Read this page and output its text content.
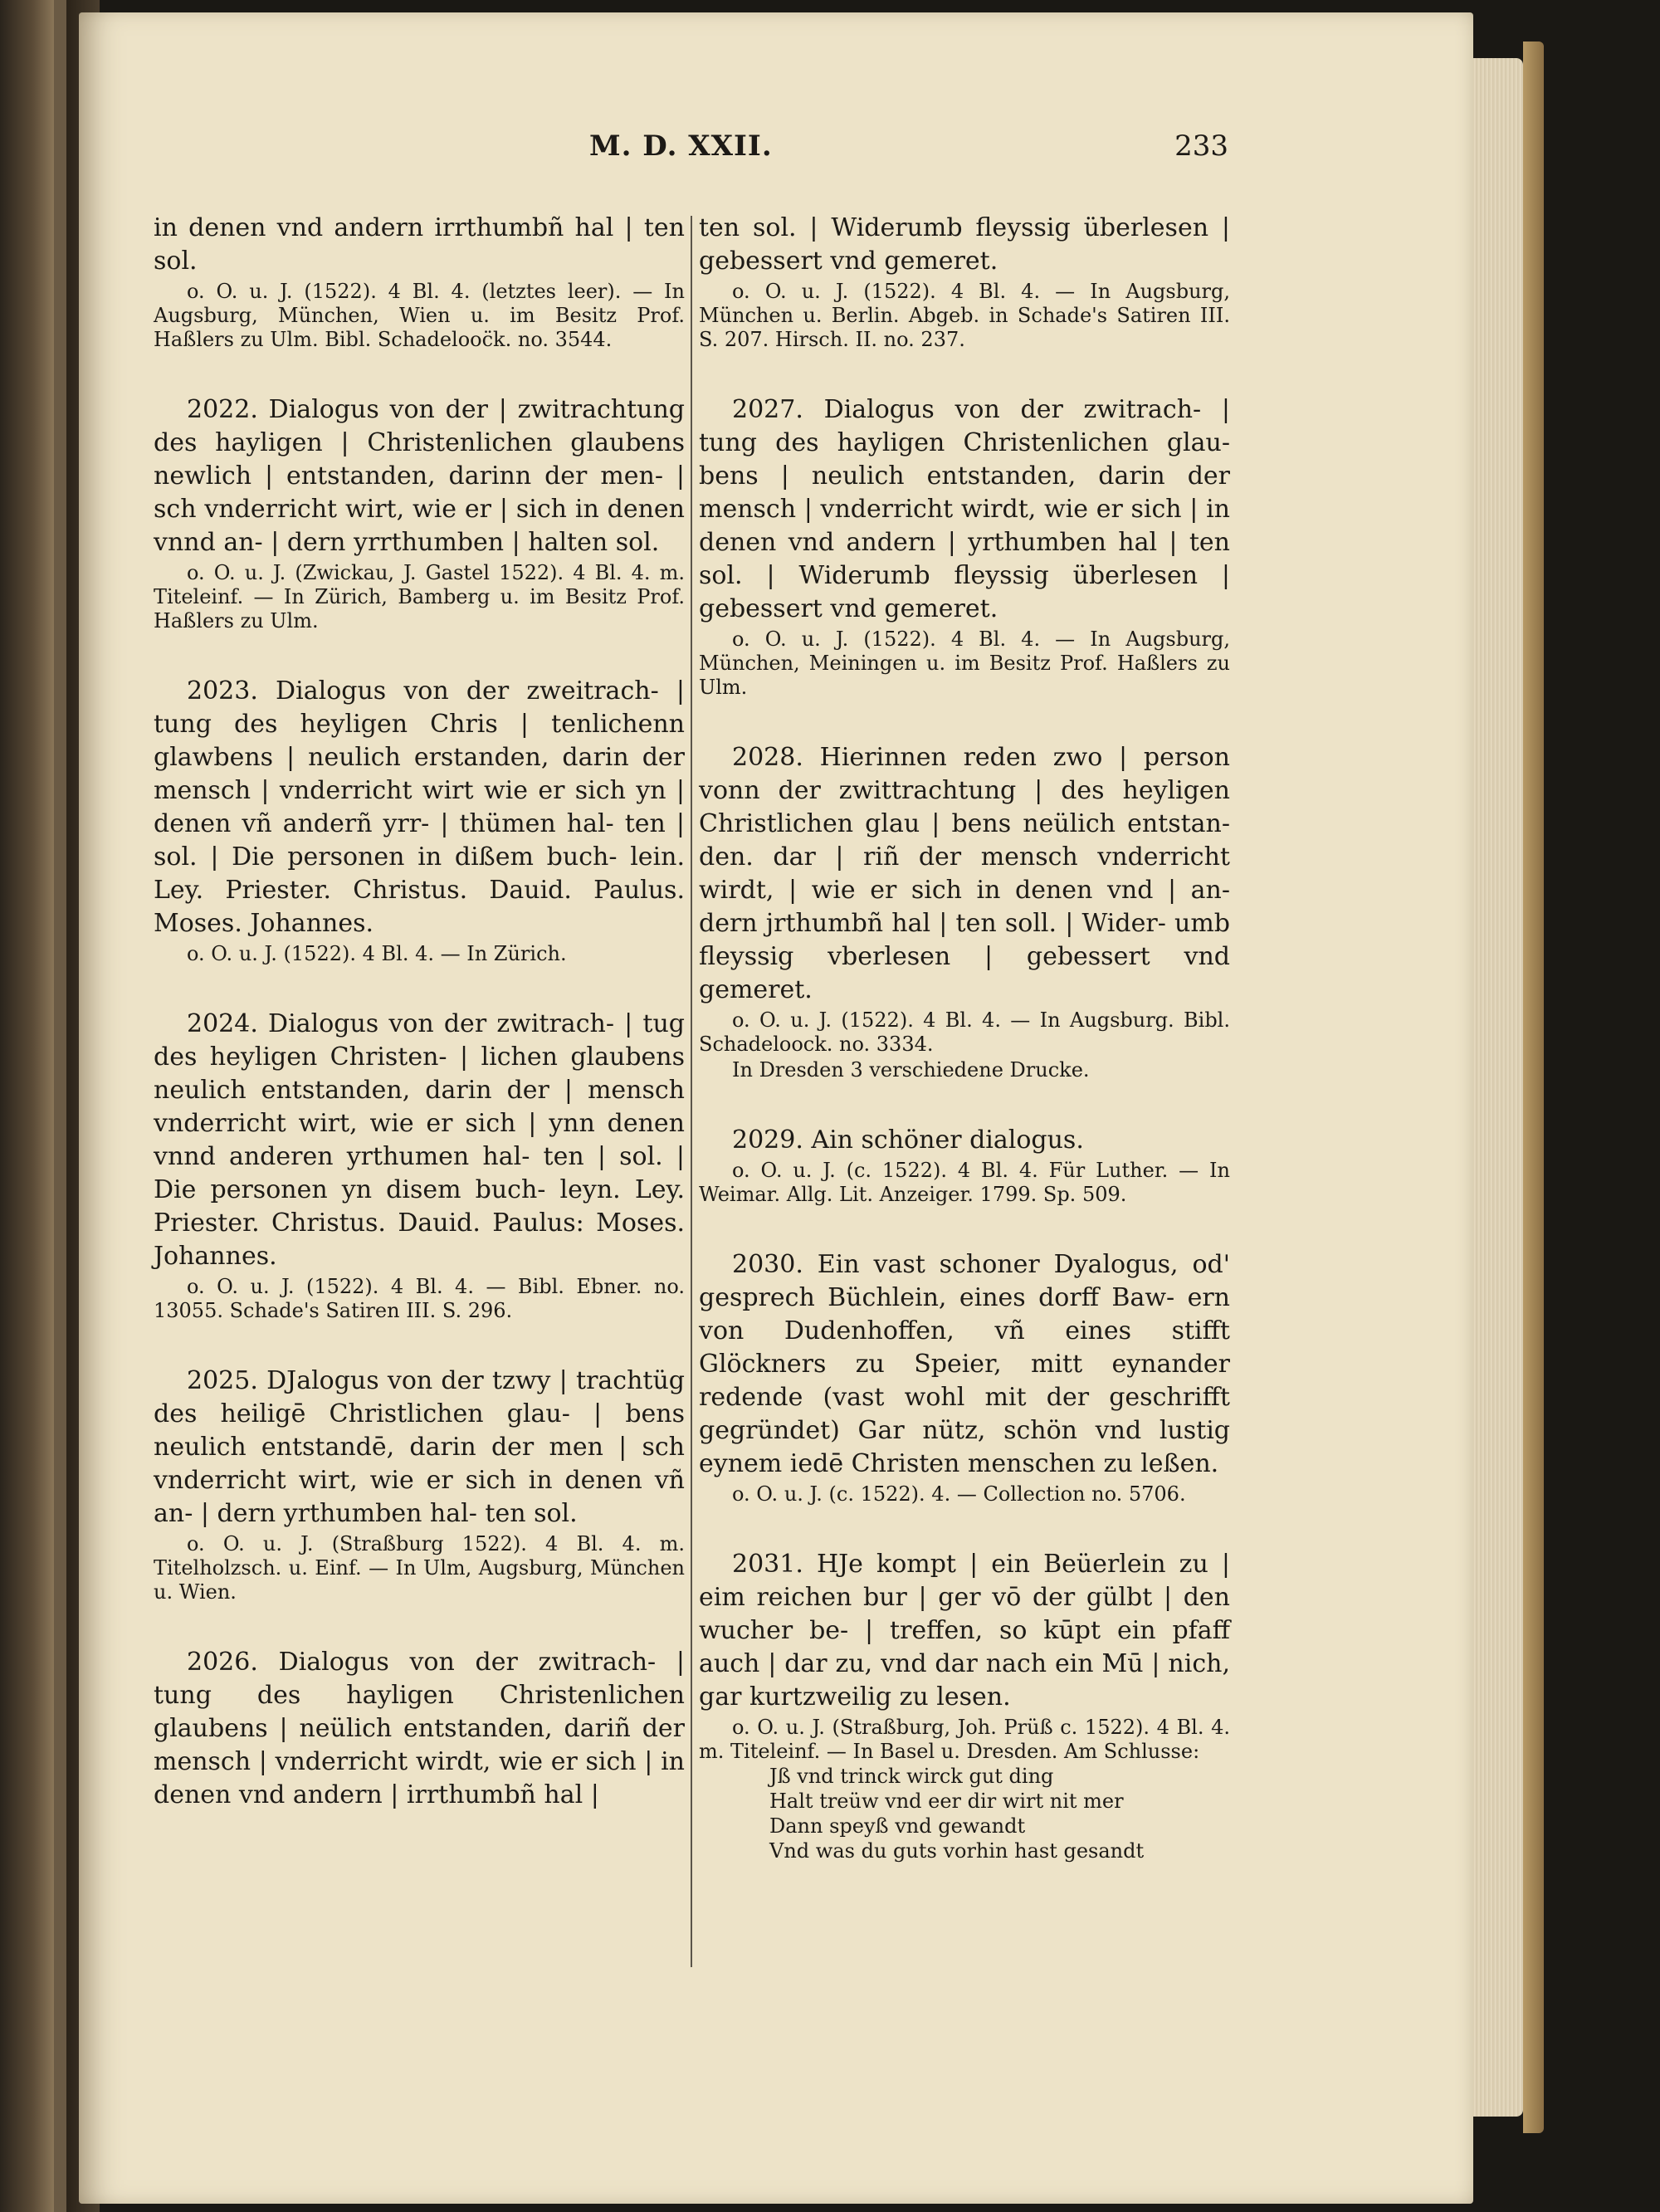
M. D. XXII.	233
in denen vnd andern irrthumbñ hal | ten sol.
o. O. u. J. (1522). 4 Bl. 4. (letztes leer). — In Augsburg, München, Wien u. im Besitz Prof. Haßlers zu Ulm. Bibl. Schadelooc̈k. no. 3544.
2022. Dialogus von der | zwitrachtung des hayligen | Christenlichen glaubens newlich | entstanden, darinn der men- | sch vnderricht wirt, wie er | sich in denen vnnd an- | dern yrrthumben | halten sol.
o. O. u. J. (Zwickau, J. Gastel 1522). 4 Bl. 4. m. Titeleinf. — In Zürich, Bamberg u. im Besitz Prof. Haßlers zu Ulm.
2023. Dialogus von der zweitrach- | tung des heyligen Chris | tenlichenn glawbens | neulich erstanden, darin der mensch | vnderricht wirt wie er sich yn | denen vñ anderñ yrr- | thümen hal- ten | sol. | Die personen in dißem buch- lein. Ley. Priester. Christus. Dauid. Paulus. Moses. Johannes.
o. O. u. J. (1522). 4 Bl. 4. — In Zürich.
2024. Dialogus von der zwitrach- | tug des heyligen Christen- | lichen glaubens neulich entstanden, darin der | mensch vnderricht wirt, wie er sich | ynn denen vnnd anderen yrthumen hal- ten | sol. | Die personen yn disem buch- leyn. Ley. Priester. Christus. Dauid. Paulus: Moses. Johannes.
o. O. u. J. (1522). 4 Bl. 4. — Bibl. Ebner. no. 13055. Schade's Satiren III. S. 296.
2025. DJalogus von der tzwy | trachtüg des heiligē Christlichen glau- | bens neulich entstandē, darin der men | sch vnderricht wirt, wie er sich in denen vñ an- | dern yrthumben hal- ten sol.
o. O. u. J. (Straßburg 1522). 4 Bl. 4. m. Titelholzsch. u. Einf. — In Ulm, Augsburg, München u. Wien.
2026. Dialogus von der zwitrach- | tung des hayligen Christenlichen glaubens | neülich entstanden, dariñ der mensch | vnderricht wirdt, wie er sich | in denen vnd andern | irrthumbñ hal |
ten sol. | Widerumb fleyssig überlesen | gebessert vnd gemeret.
o. O. u. J. (1522). 4 Bl. 4. — In Augsburg, München u. Berlin. Abgeb. in Schade's Satiren III. S. 207. Hirsch. II. no. 237.
2027. Dialogus von der zwitrach- | tung des hayligen Christenlichen glau- bens | neulich entstanden, darin der mensch | vnderricht wirdt, wie er sich | in denen vnd andern | yrthumben hal | ten sol. | Widerumb fleyssig überlesen | gebessert vnd gemeret.
o. O. u. J. (1522). 4 Bl. 4. — In Augsburg, München, Meiningen u. im Besitz Prof. Haßlers zu Ulm.
2028. Hierinnen reden zwo | person vonn der zwittrachtung | des heyligen Christlichen glau | bens neülich entstan- den. dar | riñ der mensch vnderricht wirdt, | wie er sich in denen vnd | an- dern jrthumbñ hal | ten soll. | Wider- umb fleyssig vberlesen | gebessert vnd gemeret.
o. O. u. J. (1522). 4 Bl. 4. — In Augsburg. Bibl. Schadeloock. no. 3334.
In Dresden 3 verschiedene Drucke.
2029. Ain schöner dialogus.
o. O. u. J. (c. 1522). 4 Bl. 4. Für Luther. — In Weimar. Allg. Lit. Anzeiger. 1799. Sp. 509.
2030. Ein vast schoner Dyalogus, od' gesprech Büchlein, eines dorff Baw- ern von Dudenhoffen, vñ eines stifft Glöckners zu Speier, mitt eynander redende (vast wohl mit der geschrifft gegründet) Gar nütz, schön vnd lustig eynem iedē Christen menschen zu leßen.
o. O. u. J. (c. 1522). 4. — Collection no. 5706.
2031. HJe kompt | ein Beüerlein zu | eim reichen bur | ger vō der gülbt | den wucher be- | treffen, so kūpt ein pfaff auch | dar zu, vnd dar nach ein Mū | nich, gar kurtzweilig zu lesen.
o. O. u. J. (Straßburg, Joh. Prüß c. 1522). 4 Bl. 4. m. Titeleinf. — In Basel u. Dresden. Am Schlusse:
Jß vnd trinck wirck gut ding
Halt treüw vnd eer dir wirt nit mer
Dann speyß vnd gewandt
Vnd was du guts vorhin hast gesandt
